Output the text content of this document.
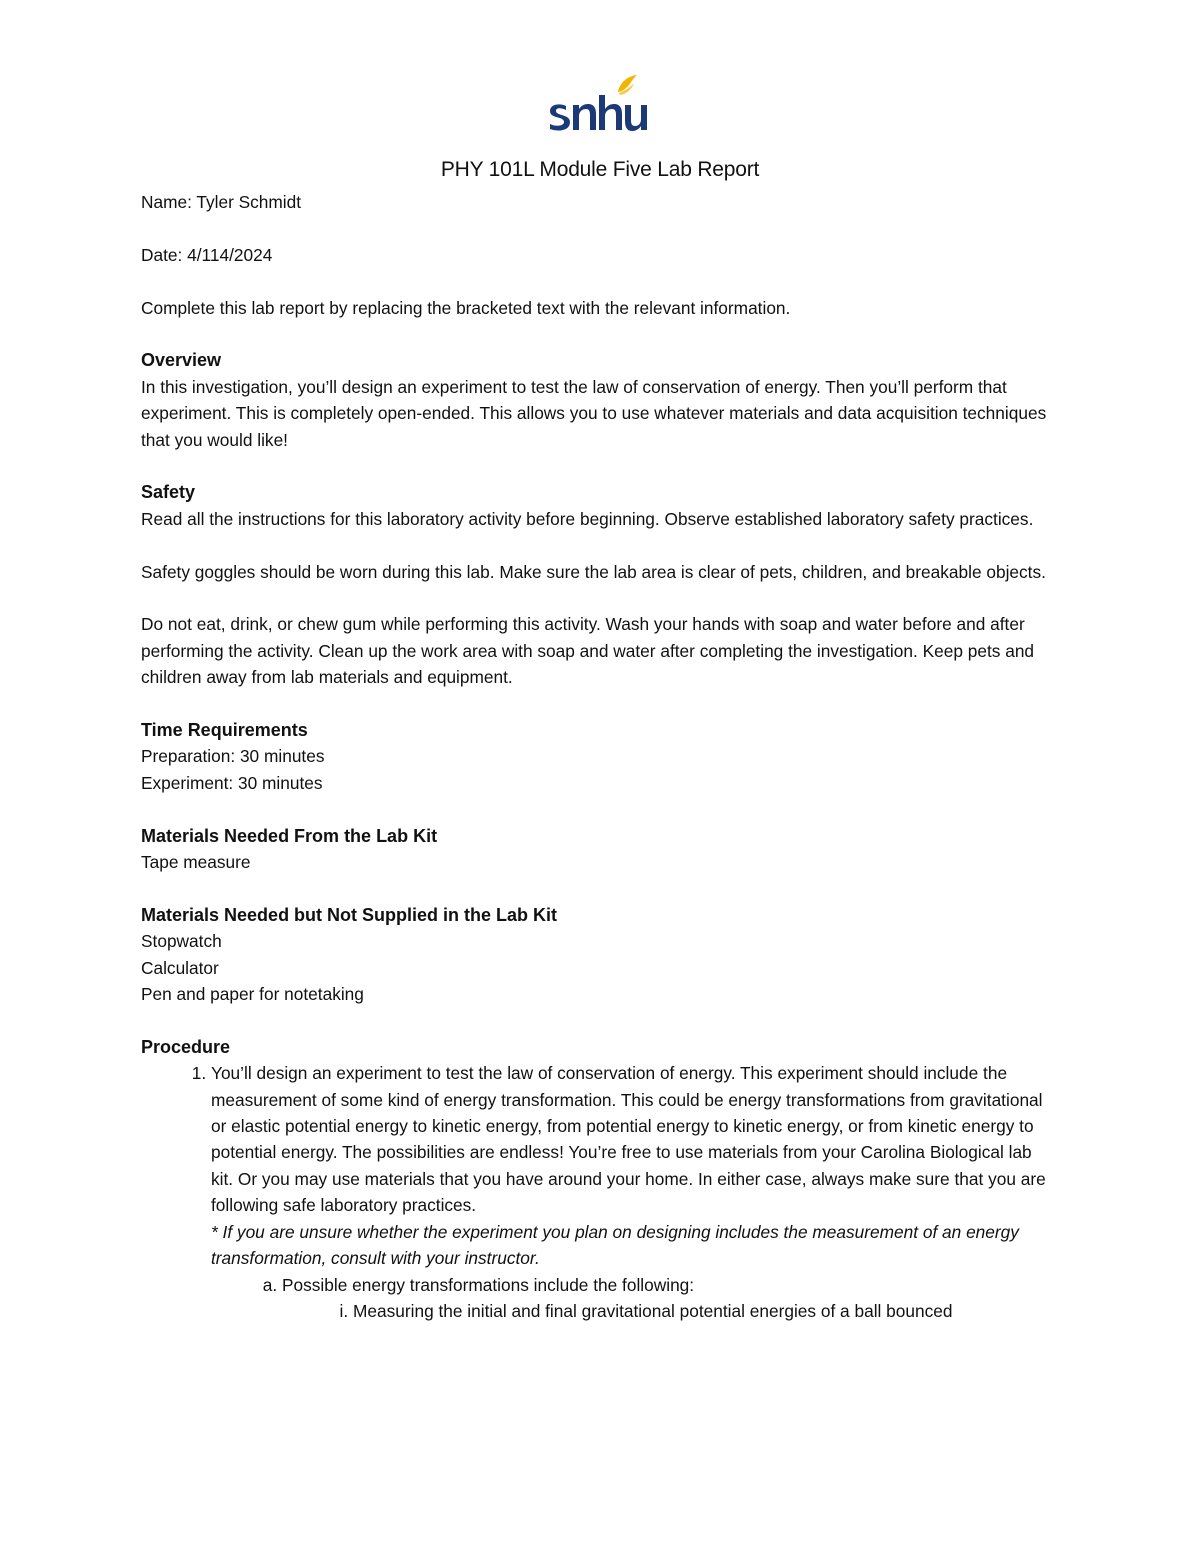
PHY 101L Module Five Lab Report

Name: Tyler Schmidt

Date: 4/114/2024

Complete this lab report by replacing the bracketed text with the relevant information.

Overview

In this investigation, you’ll design an experiment to test the law of conservation of energy. Then you’ll perform that experiment. This is completely open-ended. This allows you to use whatever materials and data acquisition techniques that you would like!

Safety

Read all the instructions for this laboratory activity before beginning. Observe established laboratory safety practices.

Safety goggles should be worn during this lab. Make sure the lab area is clear of pets, children, and breakable objects.

Do not eat, drink, or chew gum while performing this activity. Wash your hands with soap and water before and after performing the activity. Clean up the work area with soap and water after completing the investigation. Keep pets and children away from lab materials and equipment.

Time Requirements

Preparation: 30 minutes

Experiment: 30 minutes

Materials Needed From the Lab Kit

Tape measure

Materials Needed but Not Supplied in the Lab Kit

Stopwatch

Calculator

Pen and paper for notetaking

Procedure

1. You’ll design an experiment to test the law of conservation of energy. This experiment should include the measurement of some kind of energy transformation. This could be energy transformations from gravitational or elastic potential energy to kinetic energy, from potential energy to kinetic energy, or from kinetic energy to potential energy. The possibilities are endless! You’re free to use materials from your Carolina Biological lab kit. Or you may use materials that you have around your home. In either case, always make sure that you are following safe laboratory practices.
* If you are unsure whether the experiment you plan on designing includes the measurement of an energy transformation, consult with your instructor.
a. Possible energy transformations include the following:
i. Measuring the initial and final gravitational potential energies of a ball bounced
